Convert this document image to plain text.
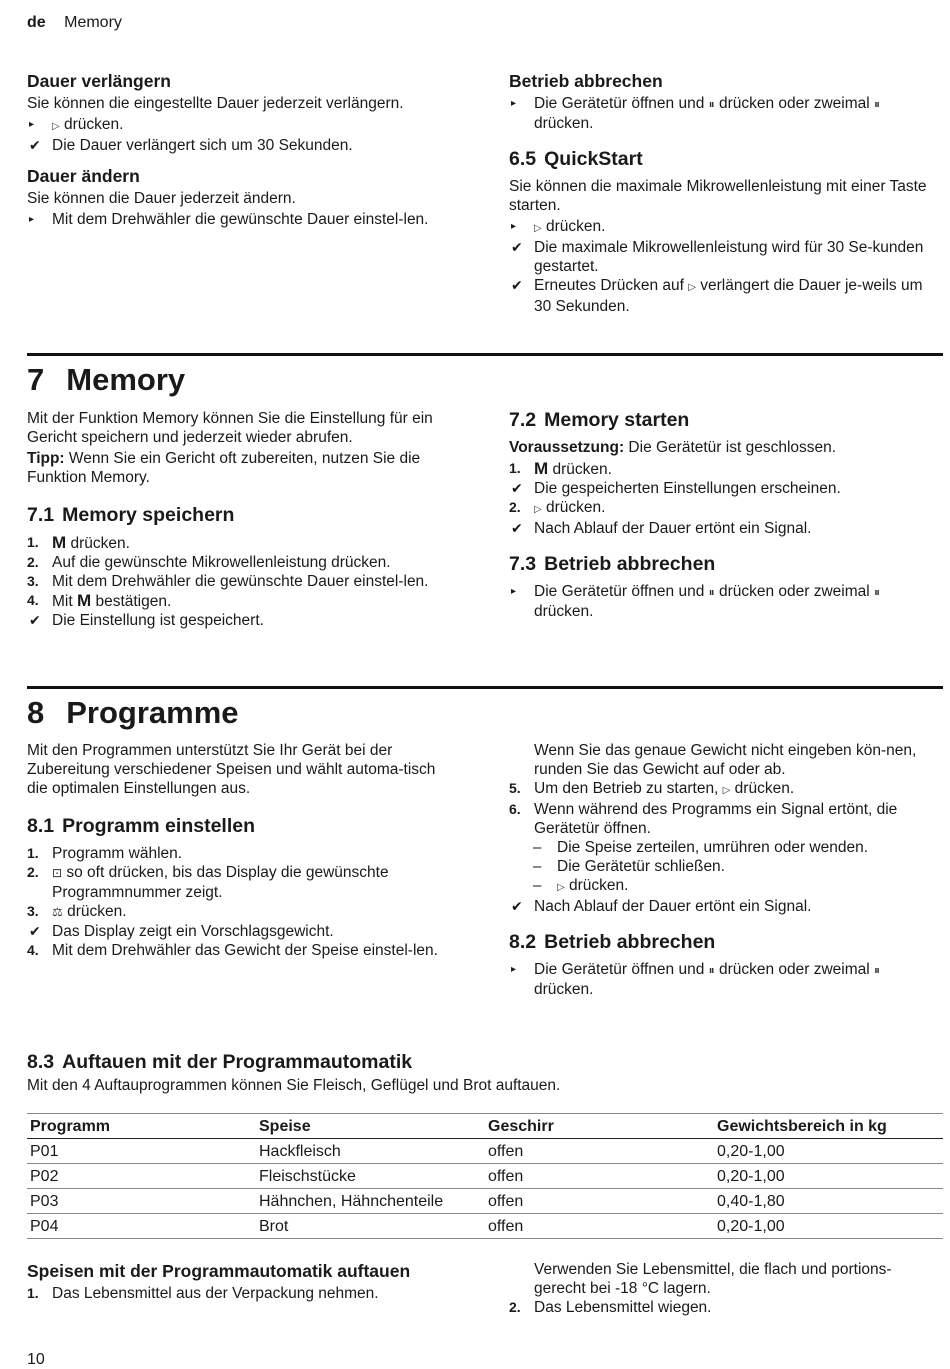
de Memory
Dauer verlängern

Sie können die eingestellte Dauer jederzeit verlängern.

▸ ▷ drücken.
✔ Die Dauer verlängert sich um 30 Sekunden.
Dauer ändern

Sie können die Dauer jederzeit ändern.

▸ Mit dem Drehwähler die gewünschte Dauer einstel-len.
Betrieb abbrechen
▸ Die Gerätetür öffnen und ⏸ drücken oder zweimal ⏸
drücken.
6.5 QuickStart

Sie können die maximale Mikrowellenleistung mit einer Taste starten.

▸ ▷ drücken.
✔ Die maximale Mikrowellenleistung wird für 30 Se-kunden gestartet.
✔ Erneutes Drücken auf ▷ verlängert die Dauer je-weils um 30 Sekunden.
7 Memory

Mit der Funktion Memory können Sie die Einstellung für ein Gericht speichern und jederzeit wieder abrufen.

Tipp: Wenn Sie ein Gericht oft zubereiten, nutzen Sie die Funktion Memory.

7.1 Memory speichern
1. M drücken.
2. Auf die gewünschte Mikrowellenleistung drücken.
3. Mit dem Drehwähler die gewünschte Dauer einstel-len.
4. Mit M bestätigen.
✔ Die Einstellung ist gespeichert.
7.2 Memory starten

Voraussetzung: Die Gerätetür ist geschlossen.

1. M drücken.
✔ Die gespeicherten Einstellungen erscheinen.
2. ▷ drücken.
✔ Nach Ablauf der Dauer ertönt ein Signal.
7.3 Betrieb abbrechen
▸ Die Gerätetür öffnen und ⏸ drücken oder zweimal ⏸
drücken.
8 Programme

Mit den Programmen unterstützt Sie Ihr Gerät bei der Zubereitung verschiedener Speisen und wählt automa-tisch die optimalen Einstellungen aus.

8.1 Programm einstellen
1. Programm wählen.
2. ⊡ so oft drücken, bis das Display die gewünschte Programmnummer zeigt.
3. ⚖ drücken.
✔ Das Display zeigt ein Vorschlagsgewicht.
4. Mit dem Drehwähler das Gewicht der Speise einstel-len.
Wenn Sie das genaue Gewicht nicht eingeben kön-nen, runden Sie das Gewicht auf oder ab.
5. Um den Betrieb zu starten, ▷ drücken.
6. Wenn während des Programms ein Signal ertönt, die Gerätetür öffnen.
– Die Speise zerteilen, umrühren oder wenden.
– Die Gerätetür schließen.
– ▷ drücken.
✔ Nach Ablauf der Dauer ertönt ein Signal.
8.2 Betrieb abbrechen
▸ Die Gerätetür öffnen und ⏸ drücken oder zweimal ⏸
drücken.
8.3 Auftauen mit der Programmautomatik

Mit den 4 Auftauprogrammen können Sie Fleisch, Geflügel und Brot auftauen.

Programm	Speise	Geschirr	Gewichtsbereich in kg
P01	Hackfleisch	offen	0,20-1,00
P02	Fleischstücke	offen	0,20-1,00
P03	Hähnchen, Hähnchenteile	offen	0,40-1,80
P04	Brot	offen	0,20-1,00
Speisen mit der Programmautomatik auftauen
1. Das Lebensmittel aus der Verpackung nehmen.
Verwenden Sie Lebensmittel, die flach und portions-gerecht bei -18 °C lagern.
2. Das Lebensmittel wiegen.
10
